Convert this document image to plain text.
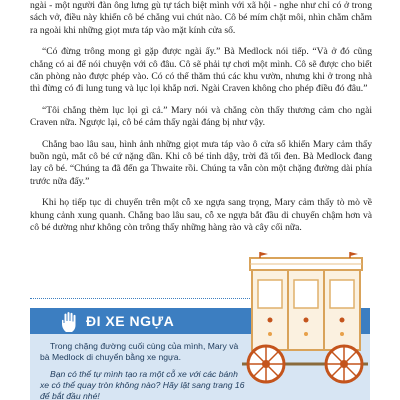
ngài - một người đàn ông lưng gù tự tách biệt mình với xã hội - nghe như chỉ có ở trong sách vở, điều này khiến cô bé chẳng vui chút nào. Cô bé mím chặt môi, nhìn chằm chằm ra ngoài khi những giọt mưa táp vào mặt kính cửa sổ.

“Có đừng trông mong gì gặp được ngài ấy.” Bà Medlock nói tiếp. “Và ở đó cũng chẳng có ai để nói chuyện với cô đâu. Cô sẽ phải tự chơi một mình. Cô sẽ được cho biết căn phòng nào được phép vào. Có có thể thăm thú các khu vườn, nhưng khi ở trong nhà thì đừng có đi lung tung và lục lọi khắp nơi. Ngài Craven không cho phép điều đó đâu.”

“Tôi chẳng thèm lục lọi gì cả.” Mary nói và chẳng còn thấy thương cảm cho ngài Craven nữa. Ngược lại, cô bé cảm thấy ngài đáng bị như vậy.

Chẳng bao lâu sau, hình ảnh những giọt mưa táp vào ô cửa sổ khiến Mary cảm thấy buồn ngủ, mắt cô bé cứ nặng dần. Khi cô bé tỉnh dậy, trời đã tối đen. Bà Medlock đang lay cô bé. “Chúng ta đã đến ga Thwaite rồi. Chúng ta vẫn còn một chặng đường dài phía trước nữa đấy.”

Khi họ tiếp tục di chuyển trên một cỗ xe ngựa sang trọng, Mary cảm thấy tò mò về khung cảnh xung quanh. Chẳng bao lâu sau, cỗ xe ngựa bắt đầu di chuyển chậm hơn và cô bé dường như không còn trông thấy những hàng rào và cây cối nữa.

ĐI XE NGỰA

Trong chặng đường cuối cùng của mình, Mary và bà Medlock di chuyển bằng xe ngựa.

Bạn có thể tự mình tạo ra một cỗ xe với các bánh xe có thể quay tròn không nào? Hãy lật sang trang 16 để bắt đầu nhé!
